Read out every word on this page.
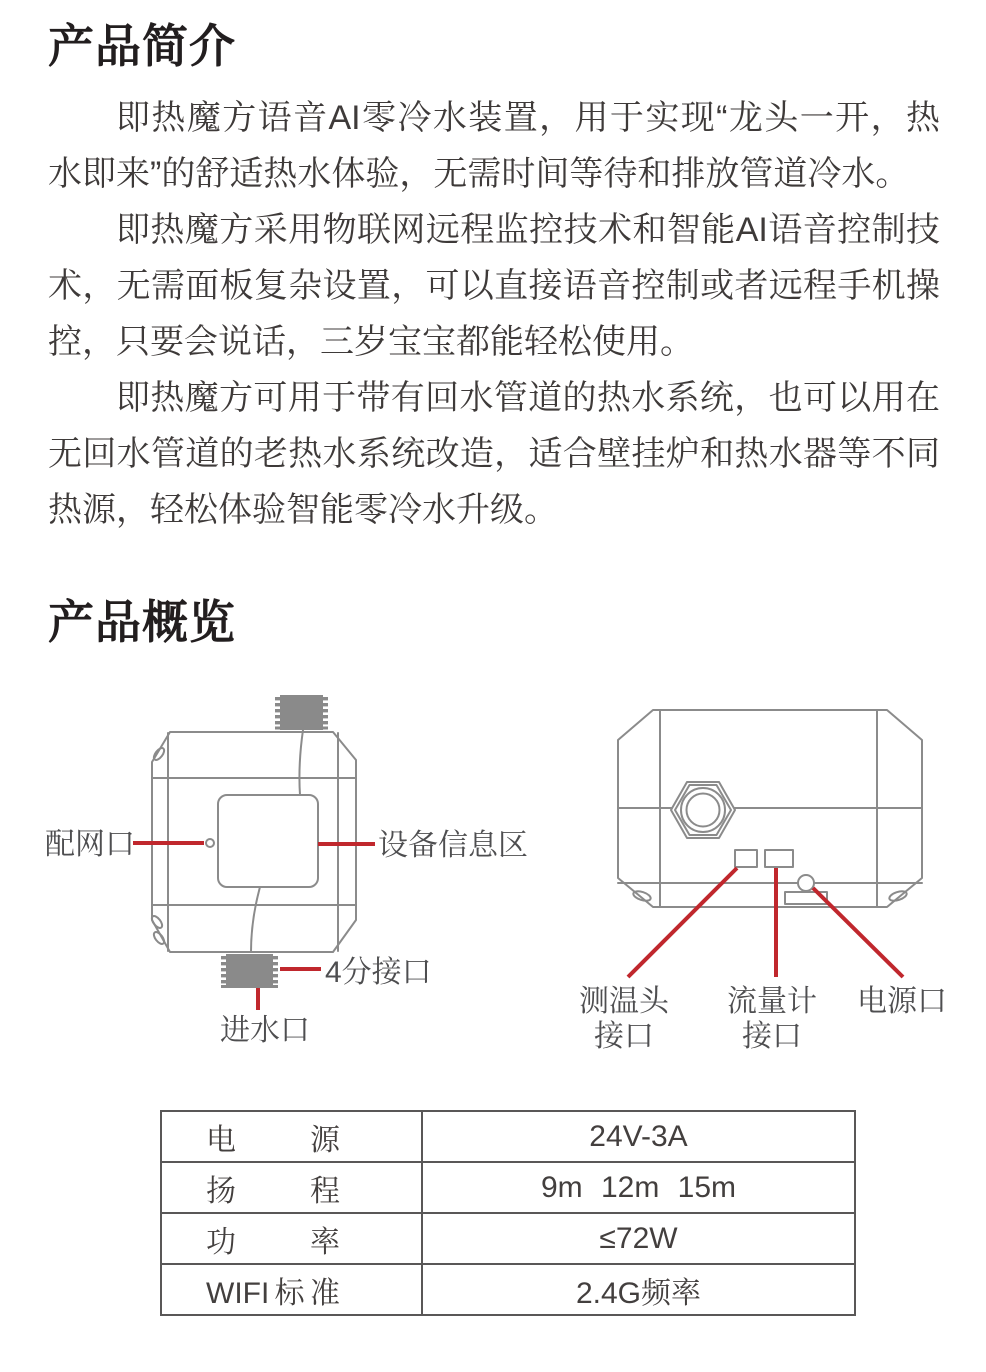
产品简介

即热魔方语音AI零冷水装置，用于实现“龙头一开，热水即来”的舒适热水体验，无需时间等待和排放管道冷水。

即热魔方采用物联网远程监控技术和智能AI语音控制技术，无需面板复杂设置，可以直接语音控制或者远程手机操控，只要会说话，三岁宝宝都能轻松使用。

即热魔方可用于带有回水管道的热水系统，也可以用在无回水管道的老热水系统改造，适合壁挂炉和热水器等不同热源，轻松体验智能零冷水升级。

产品概览
配网口	设备信息区
4分接口
进水口
测温头
接口
流量计
接口
电源口
电源	24V-3A
扬程	9m 12m 15m
功率	≤72W
WIFI标准	2.4G频率
